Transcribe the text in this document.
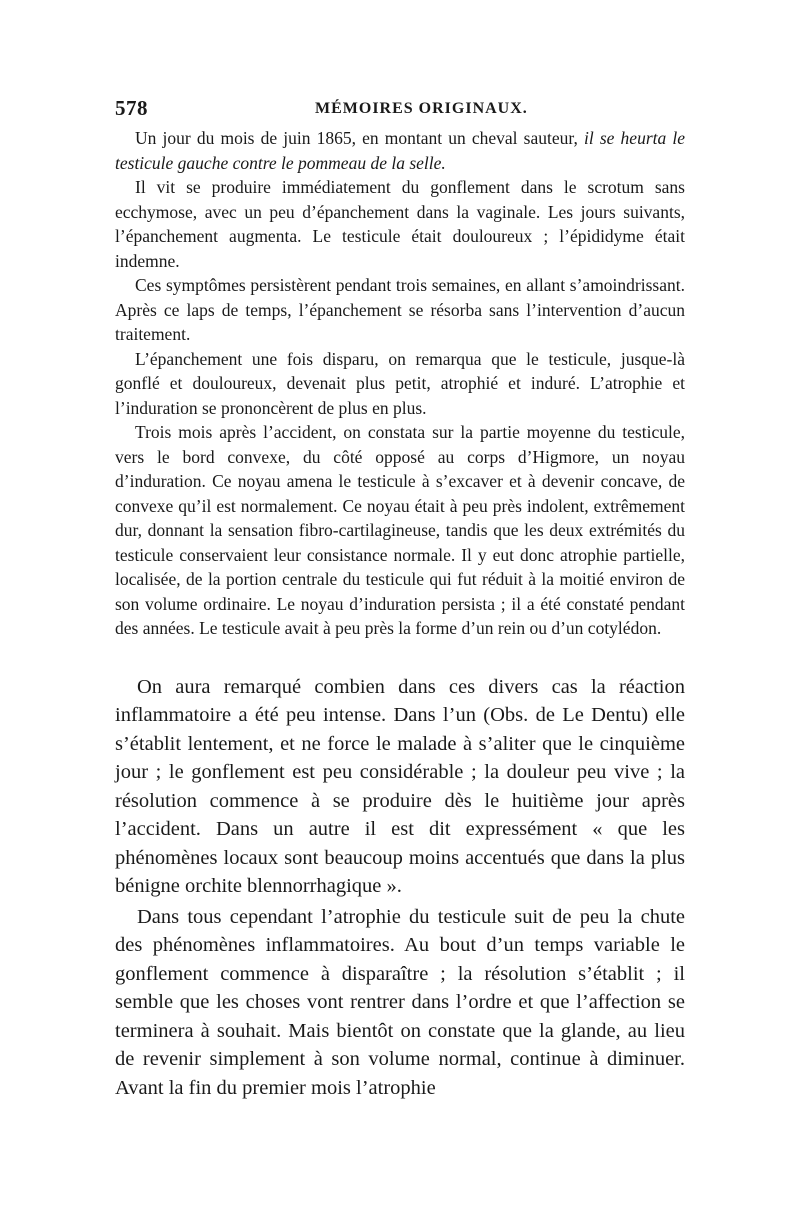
578	MÉMOIRES ORIGINAUX.

Un jour du mois de juin 1865, en montant un cheval sauteur, il se heurta le testicule gauche contre le pommeau de la selle.

Il vit se produire immédiatement du gonflement dans le scrotum sans ecchymose, avec un peu d’épanchement dans la vaginale. Les jours suivants, l’épanchement augmenta. Le testicule était douloureux ; l’épididyme était indemne.

Ces symptômes persistèrent pendant trois semaines, en allant s’amoindrissant. Après ce laps de temps, l’épanchement se résorba sans l’intervention d’aucun traitement.

L’épanchement une fois disparu, on remarqua que le testicule, jusque-là gonflé et douloureux, devenait plus petit, atrophié et induré. L’atrophie et l’induration se prononcèrent de plus en plus.

Trois mois après l’accident, on constata sur la partie moyenne du testicule, vers le bord convexe, du côté opposé au corps d’Higmore, un noyau d’induration. Ce noyau amena le testicule à s’excaver et à devenir concave, de convexe qu’il est normalement. Ce noyau était à peu près indolent, extrêmement dur, donnant la sensation fibro-cartilagineuse, tandis que les deux extrémités du testicule conservaient leur consistance normale. Il y eut donc atrophie partielle, localisée, de la portion centrale du testicule qui fut réduit à la moitié environ de son volume ordinaire. Le noyau d’induration persista ; il a été constaté pendant des années. Le testicule avait à peu près la forme d’un rein ou d’un cotylédon.

On aura remarqué combien dans ces divers cas la réaction inflammatoire a été peu intense. Dans l’un (Obs. de Le Dentu) elle s’établit lentement, et ne force le malade à s’aliter que le cinquième jour ; le gonflement est peu considérable ; la douleur peu vive ; la résolution commence à se produire dès le huitième jour après l’accident. Dans un autre il est dit expressément « que les phénomènes locaux sont beaucoup moins accentués que dans la plus bénigne orchite blennorrhagique ».

Dans tous cependant l’atrophie du testicule suit de peu la chute des phénomènes inflammatoires. Au bout d’un temps variable le gonflement commence à disparaître ; la résolution s’établit ; il semble que les choses vont rentrer dans l’ordre et que l’affection se terminera à souhait. Mais bientôt on constate que la glande, au lieu de revenir simplement à son volume normal, continue à diminuer. Avant la fin du premier mois l’atrophie
